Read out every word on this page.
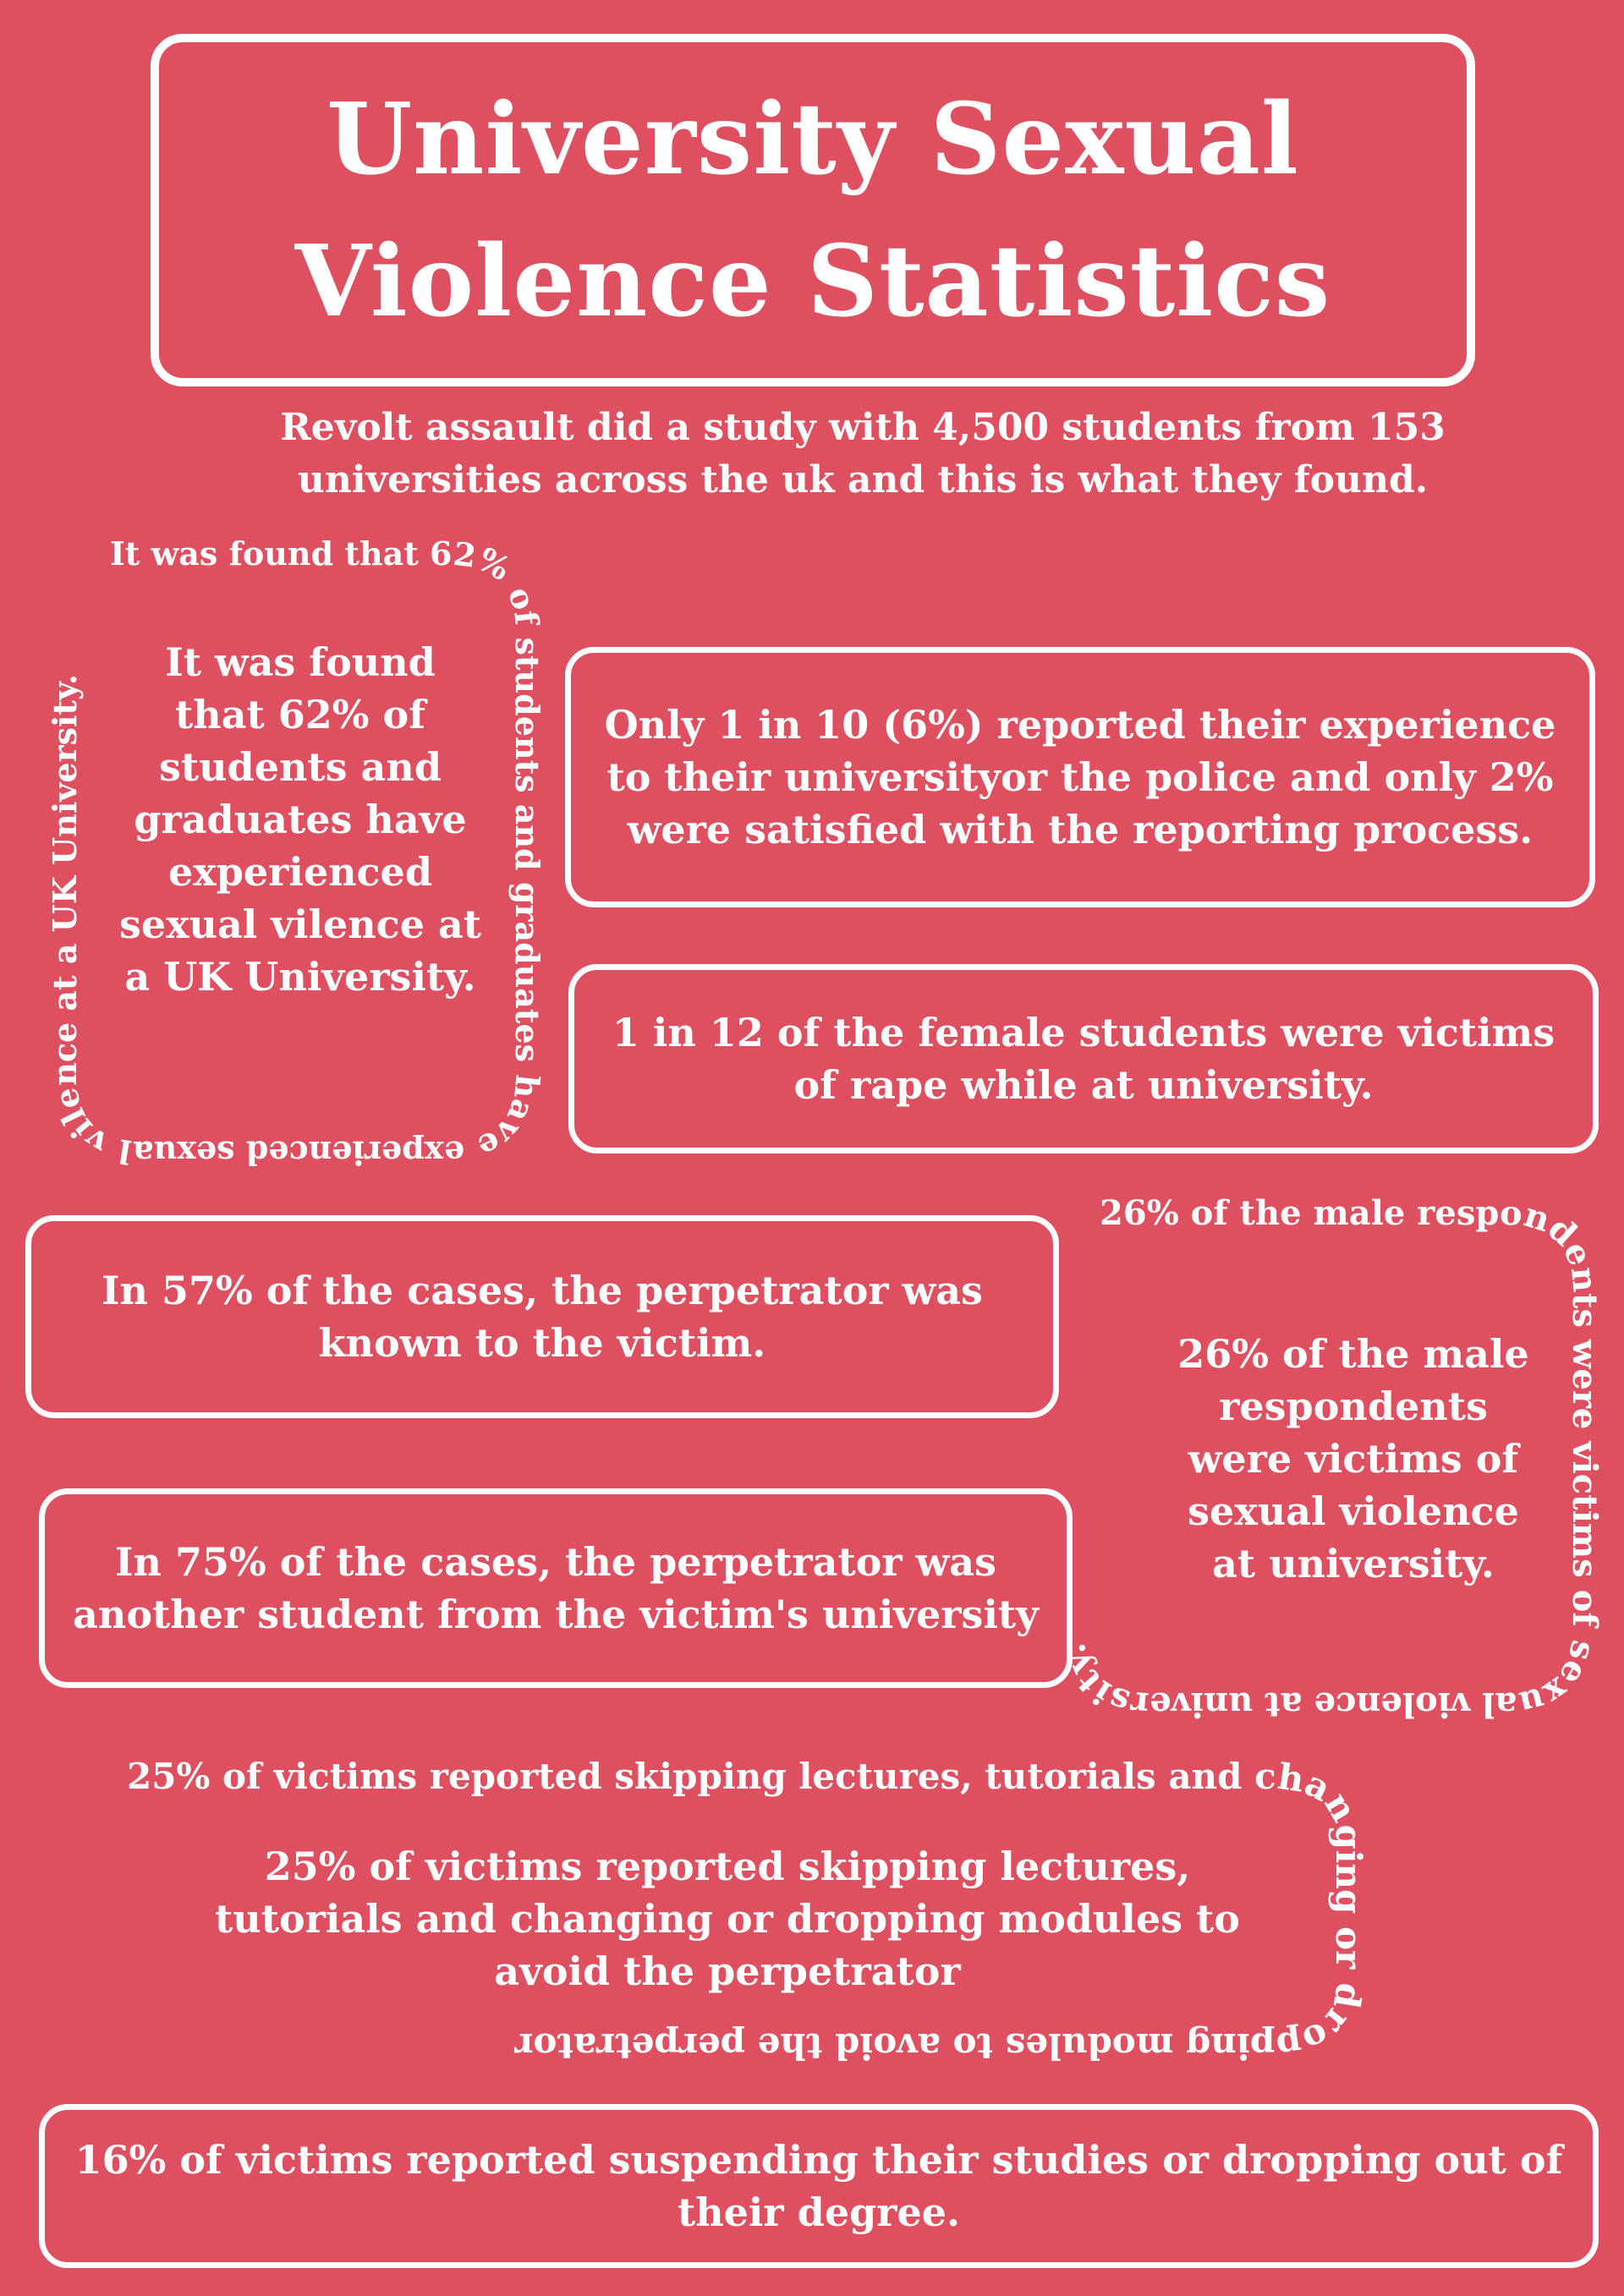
University Sexual
Violence Statistics
Revolt assault did a study with 4,500 students from 153 universities across the uk and this is what they found.
It was found that 62% of students and graduates have experienced sexual vilence at a UK University.
26% of the male respondents were victims of sexual violence at university.
25% of victims reported skipping lectures, tutorials and changing or dropping modules to avoid the perpetrator
It was found that 62% of students and graduates have experienced sexual vilence at a UK University.
Only 1 in 10 (6%) reported their experience to their universityor the police and only 2% were satisfied with the reporting process.
1 in 12 of the female students were victims of rape while at university.
In 57% of the cases, the perpetrator was known to the victim.	26% of the male respondents were victims of sexual violence at university.
In 75% of the cases, the perpetrator was another student from the victim's university
25% of victims reported skipping lectures, tutorials and changing or dropping modules to avoid the perpetrator
16% of victims reported suspending their studies or dropping out of their degree.
